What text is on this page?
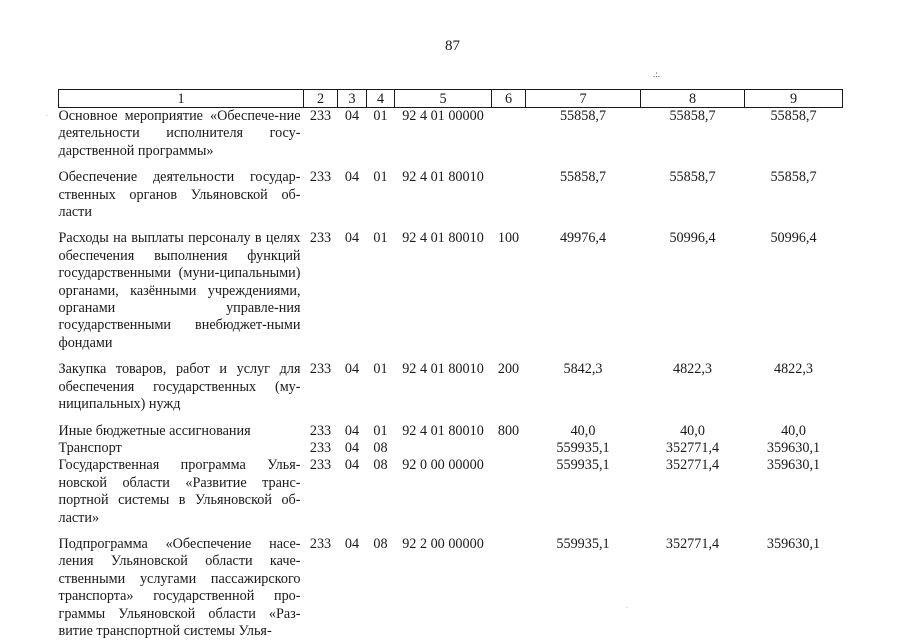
87
.:.
·
·
1	2	3	4	5	6	7	8	9
Основное мероприятие «Обеспече-ние деятельности исполнителя госу-дарственной программы»	233	04	01	92 4 01 00000		55858,7	55858,7	55858,7
Обеспечение деятельности государ-ственных органов Ульяновской об-ласти	233	04	01	92 4 01 80010		55858,7	55858,7	55858,7
Расходы на выплаты персоналу в целях обеспечения выполнения функций государственными (муни-ципальными) органами, казёнными учреждениями, органами управле-ния государственными внебюджет-ными фондами	233	04	01	92 4 01 80010	100	49976,4	50996,4	50996,4
Закупка товаров, работ и услуг для обеспечения государственных (му-ниципальных) нужд	233	04	01	92 4 01 80010	200	5842,3	4822,3	4822,3
Иные бюджетные ассигнования	233	04	01	92 4 01 80010	800	40,0	40,0	40,0
Транспорт	233	04	08			559935,1	352771,4	359630,1
Государственная программа Улья-новской области «Развитие транс-портной системы в Ульяновской об-ласти»	233	04	08	92 0 00 00000		559935,1	352771,4	359630,1
Подпрограмма «Обеспечение насе-ления Ульяновской области каче-ственными услугами пассажирского транспорта» государственной про-граммы Ульяновской области «Раз-витие транспортной системы Улья-	233	04	08	92 2 00 00000		559935,1	352771,4	359630,1
